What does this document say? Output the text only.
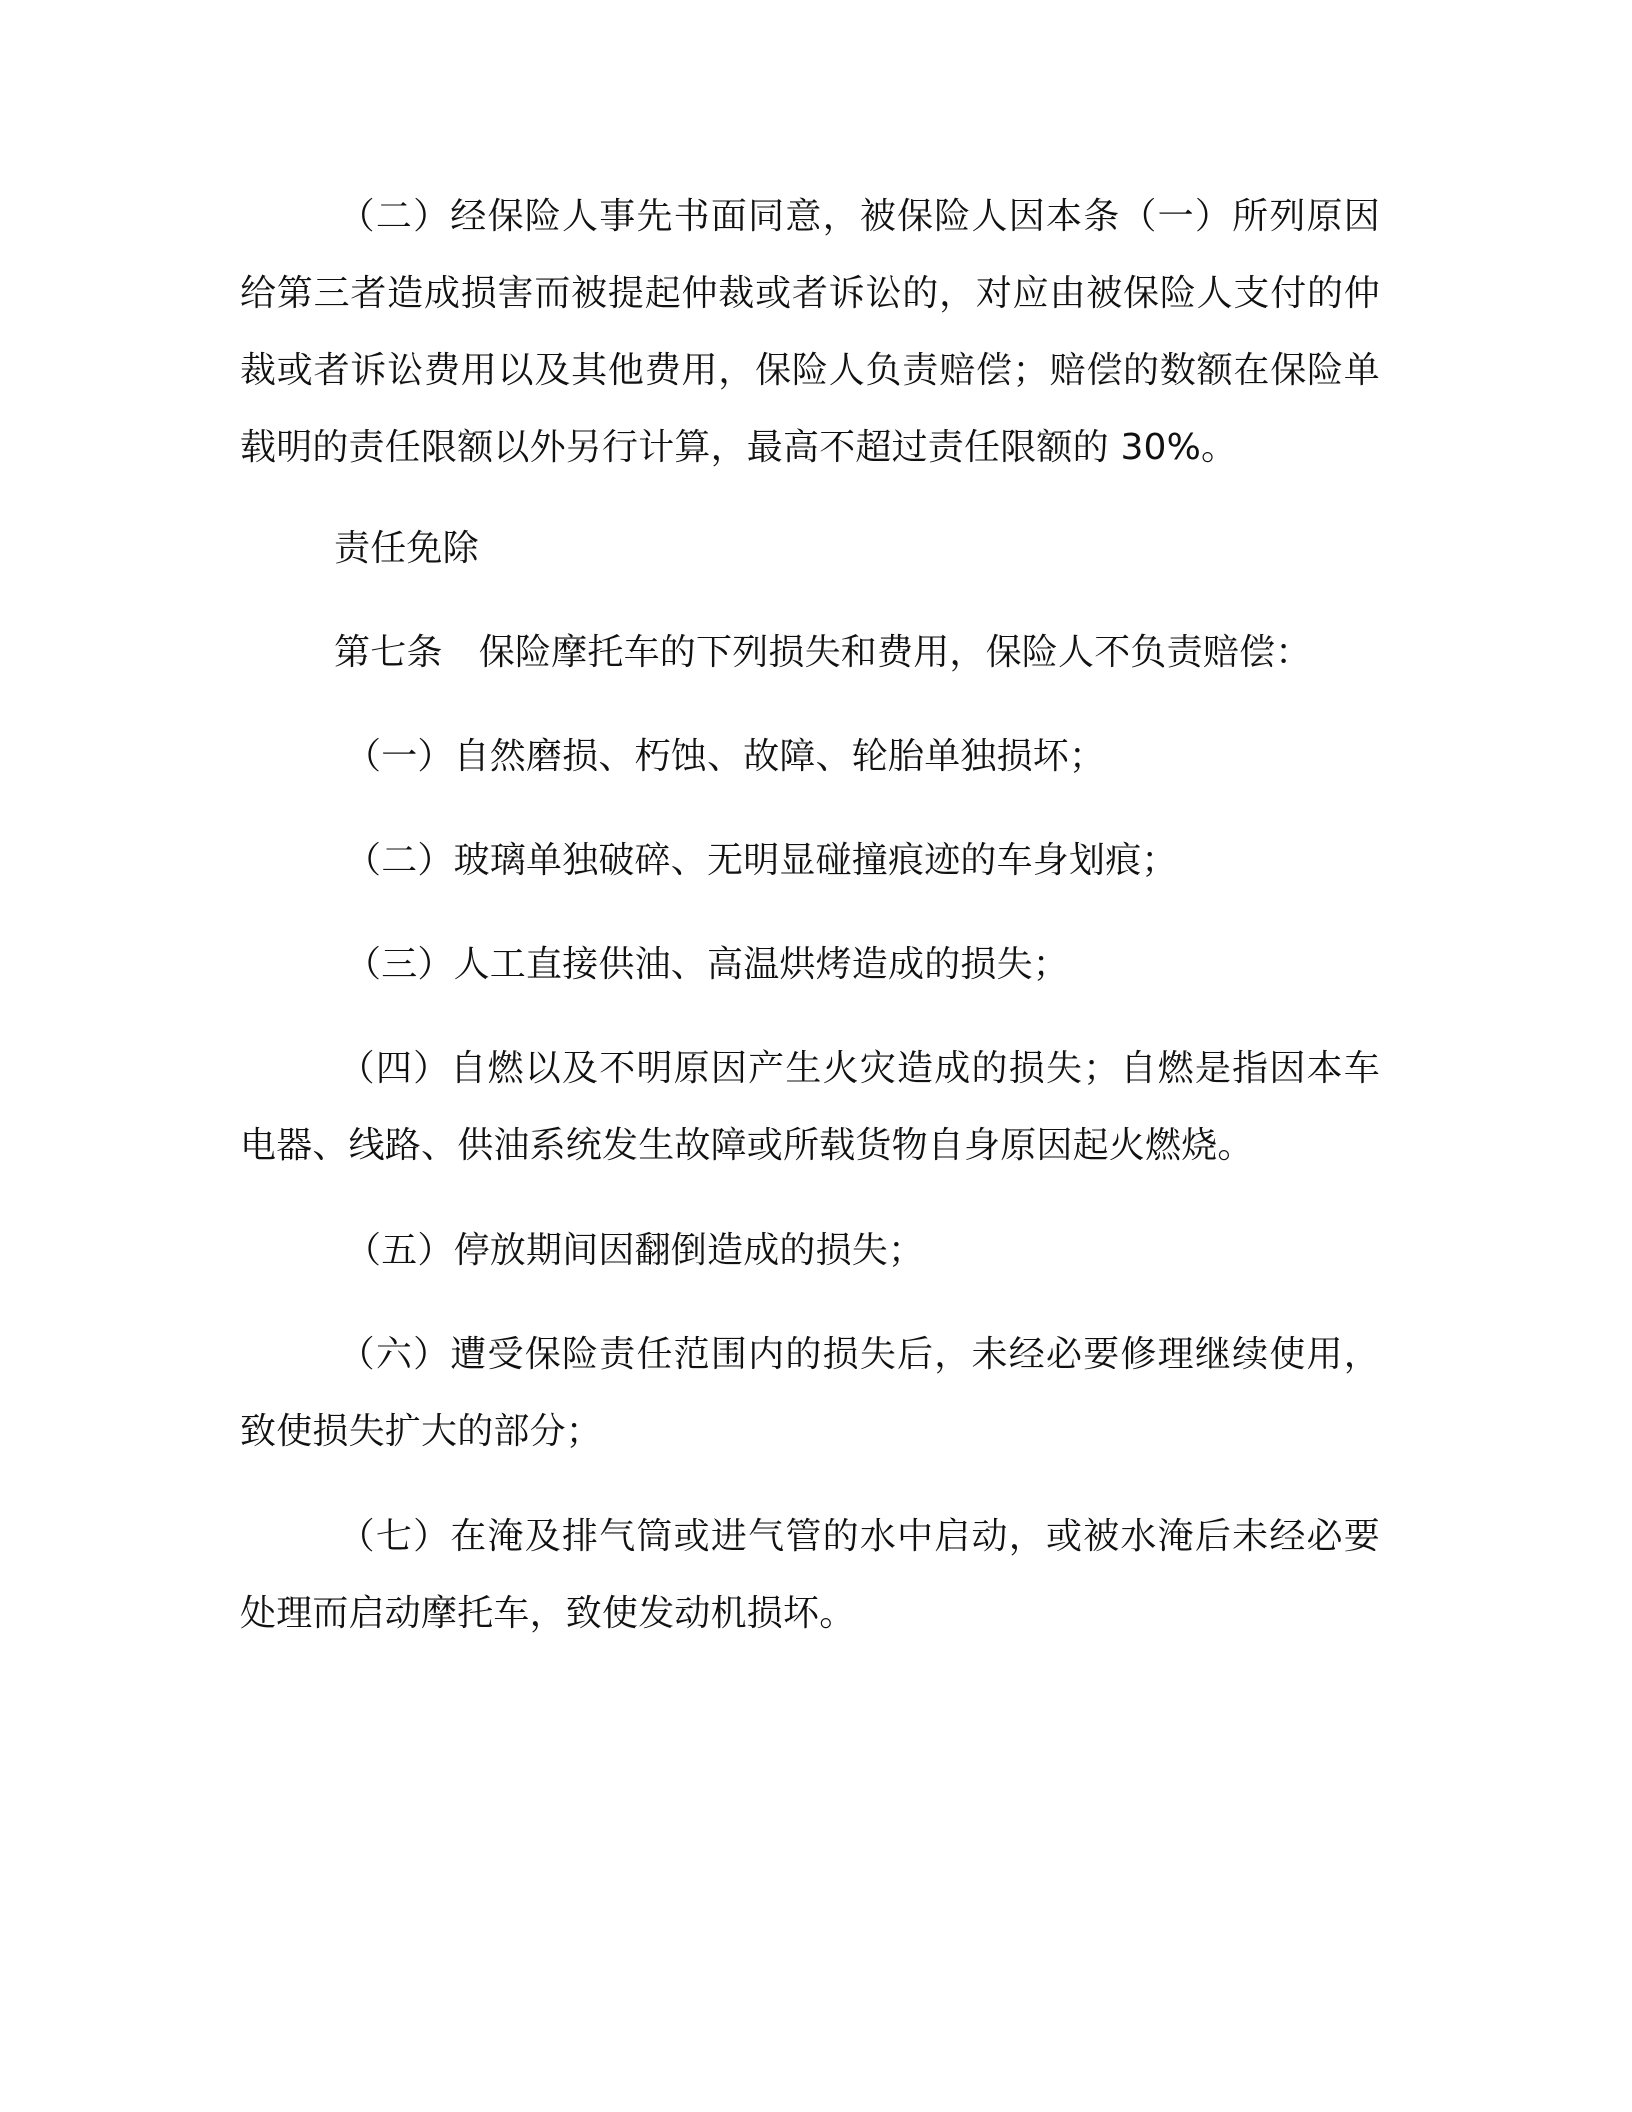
（二）经保险人事先书面同意，被保险人因本条（一）所列原因给第三者造成损害而被提起仲裁或者诉讼的，对应由被保险人支付的仲裁或者诉讼费用以及其他费用，保险人负责赔偿；赔偿的数额在保险单载明的责任限额以外另行计算，最高不超过责任限额的 30%。

责任免除

第七条　保险摩托车的下列损失和费用，保险人不负责赔偿：

（一）自然磨损、朽蚀、故障、轮胎单独损坏；

（二）玻璃单独破碎、无明显碰撞痕迹的车身划痕；

（三）人工直接供油、高温烘烤造成的损失；

（四）自燃以及不明原因产生火灾造成的损失；自燃是指因本车电器、线路、供油系统发生故障或所载货物自身原因起火燃烧。

（五）停放期间因翻倒造成的损失；

（六）遭受保险责任范围内的损失后，未经必要修理继续使用，致使损失扩大的部分；

（七）在淹及排气筒或进气管的水中启动，或被水淹后未经必要处理而启动摩托车，致使发动机损坏。
